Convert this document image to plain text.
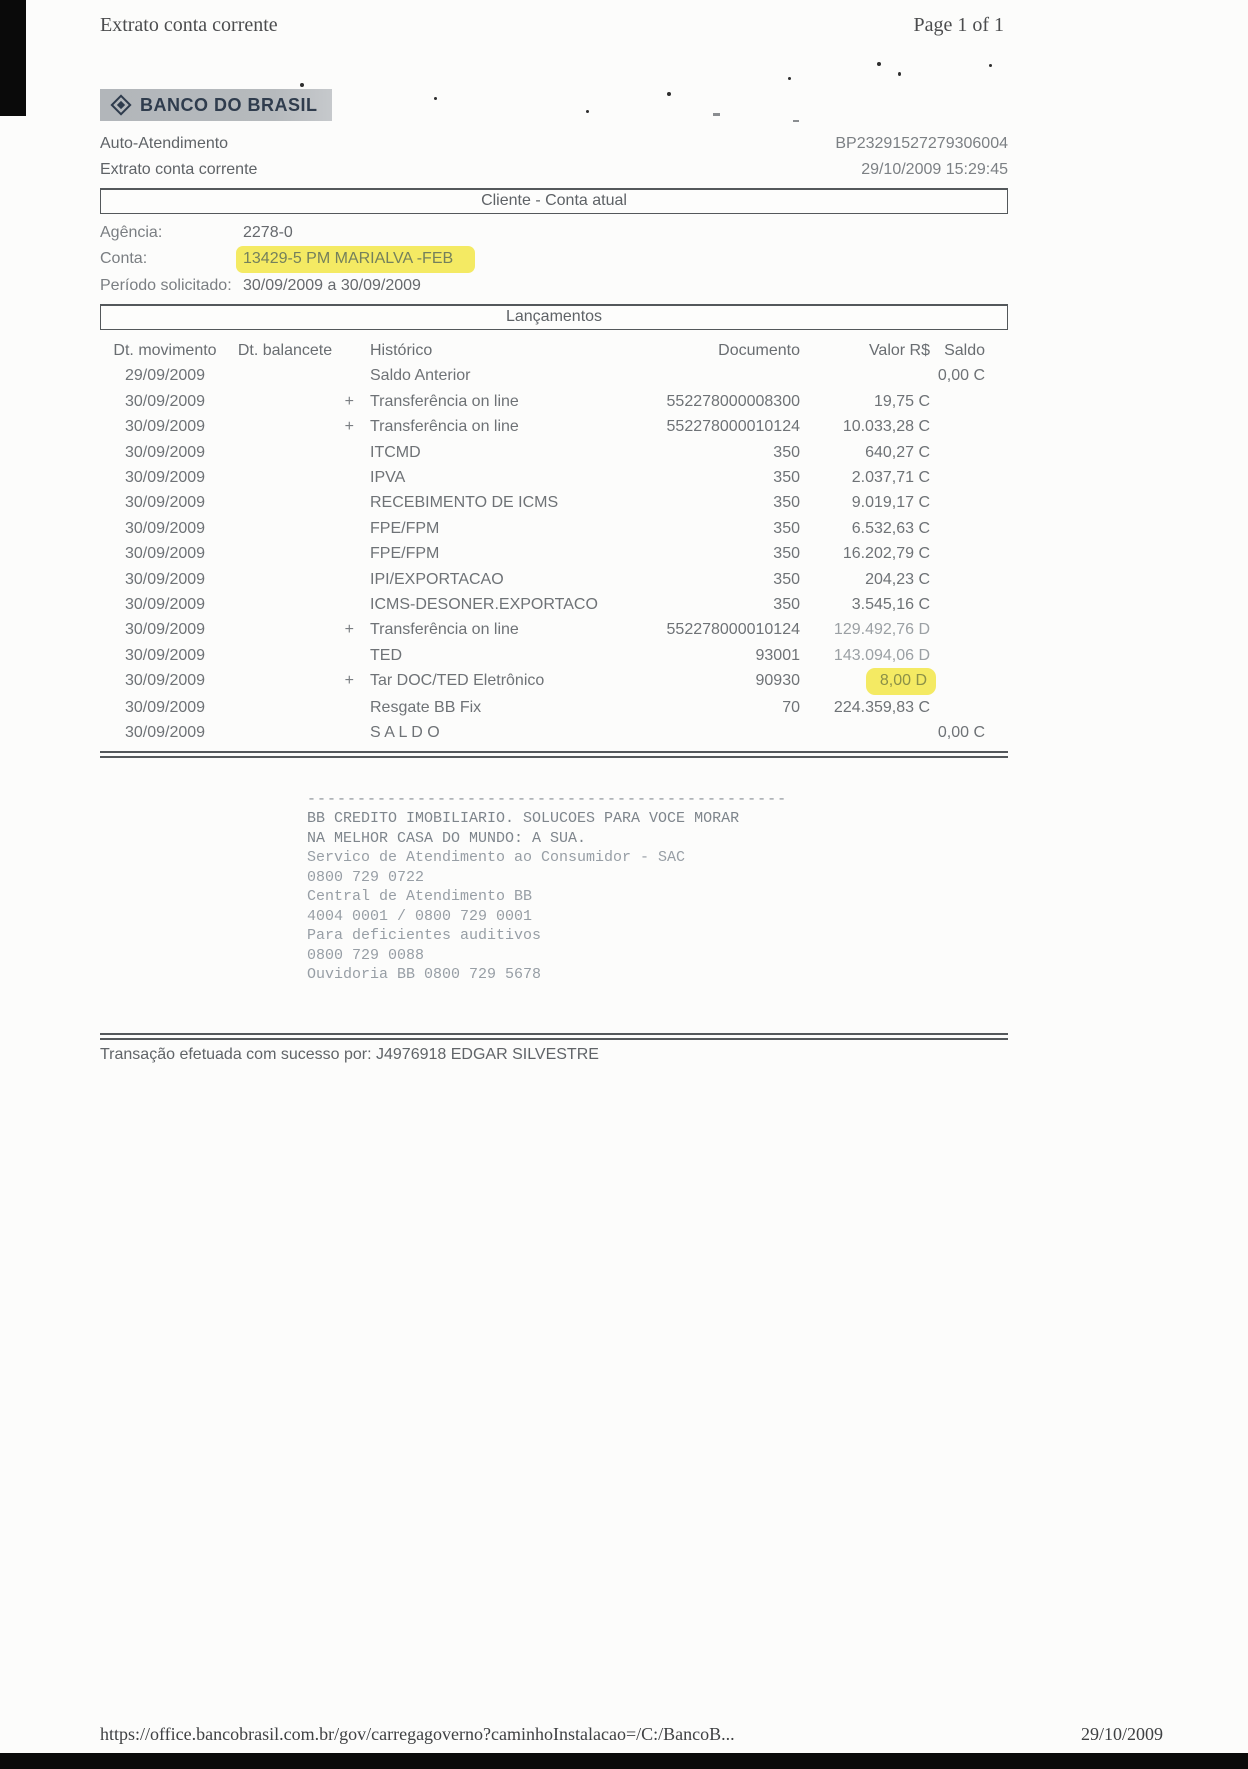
Extrato conta corrente	Page 1 of 1
BANCO DO BRASIL
Auto-Atendimento	BP23291527279306004
Extrato conta corrente	29/10/2009 15:29:45
Cliente - Conta atual
Agência:	2278-0
Conta:	13429-5 PM MARIALVA -FEB
Período solicitado: 30/09/2009 a 30/09/2009
Lançamentos
Dt. movimento	Dt. balancete	Histórico	Documento	Valor R$ Saldo
29/09/2009	Saldo Anterior	0,00 C
30/09/2009	+	Transferência on line	552278000008300	19,75 C
30/09/2009	+	Transferência on line	552278000010124	10.033,28 C
30/09/2009	ITCMD	350	640,27 C
30/09/2009	IPVA	350	2.037,71 C
30/09/2009	RECEBIMENTO DE ICMS	350	9.019,17 C
30/09/2009	FPE/FPM	350	6.532,63 C
30/09/2009	FPE/FPM	350	16.202,79 C
30/09/2009	IPI/EXPORTACAO	350	204,23 C
30/09/2009	ICMS-DESONER.EXPORTACO	350	3.545,16 C
30/09/2009	+	Transferência on line	552278000010124	129.492,76 D
30/09/2009	TED	93001	143.094,06 D
30/09/2009	+	Tar DOC/TED Eletrônico	90930	8,00 D
30/09/2009	Resgate BB Fix	70	224.359,83 C
30/09/2009	S A L D O	0,00 C
------------------------------------------------
BB CREDITO IMOBILIARIO. SOLUCOES PARA VOCE MORAR
NA MELHOR CASA DO MUNDO: A SUA.
Servico de Atendimento ao Consumidor - SAC
0800 729 0722
Central de Atendimento BB
4004 0001 / 0800 729 0001
Para deficientes auditivos
0800 729 0088
Ouvidoria BB 0800 729 5678
Transação efetuada com sucesso por: J4976918 EDGAR SILVESTRE
https://office.bancobrasil.com.br/gov/carregagoverno?caminhoInstalacao=/C:/BancoB...	29/10/2009
